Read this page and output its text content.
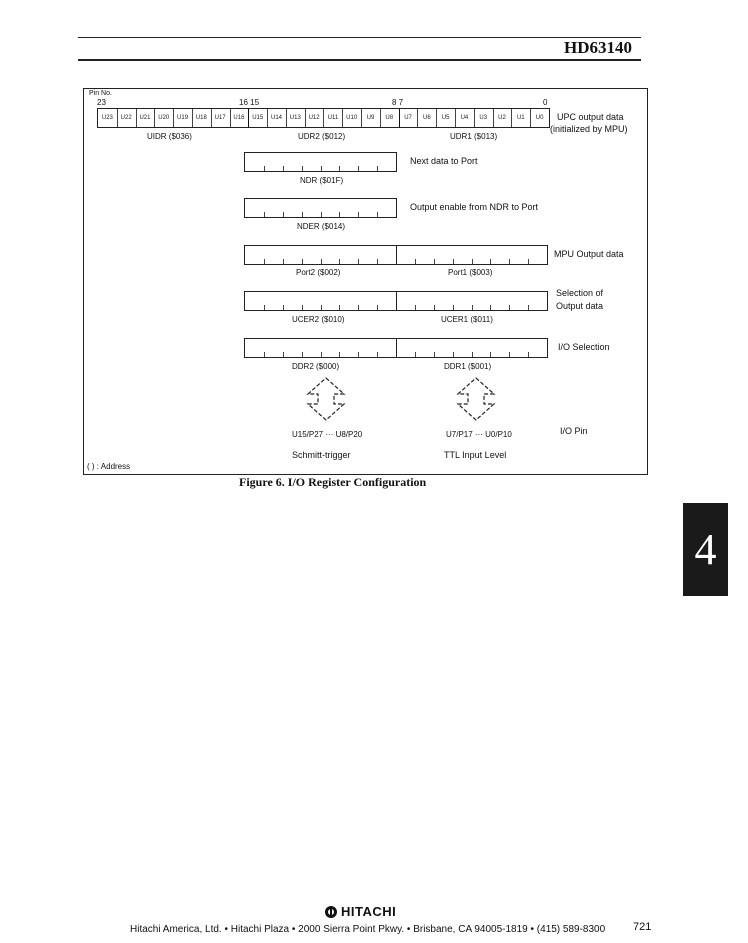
HD63140
Pin No.
23	16 15	8 7	0
U23	U22	U21	U20	U19	U18	U17	U16	U15	U14	U13	U12	U11	U10	U9	U8	U7	U6	U5	U4	U3	U2	U1	U0
UIDR ($036)	UDR2 ($012)	UDR1 ($013)
UPC output data
(initialized by MPU)
NDR ($01F)
Next data to Port
NDER ($014)
Output enable from NDR to Port
Port2 ($002)	Port1 ($003)
MPU Output data
UCER2 ($010)	UCER1 ($011)
Selection of
Output data
DDR2 ($000)	DDR1 ($001)
I/O Selection
U15/P27 ··· U8/P20	U7/P17 ··· U0/P10	I/O Pin
Schmitt-trigger	TTL Input Level
( ) : Address
Figure 6. I/O Register Configuration
4
HITACHI
Hitachi America, Ltd. • Hitachi Plaza • 2000 Sierra Point Pkwy. • Brisbane, CA 94005-1819 • (415) 589-8300	721
